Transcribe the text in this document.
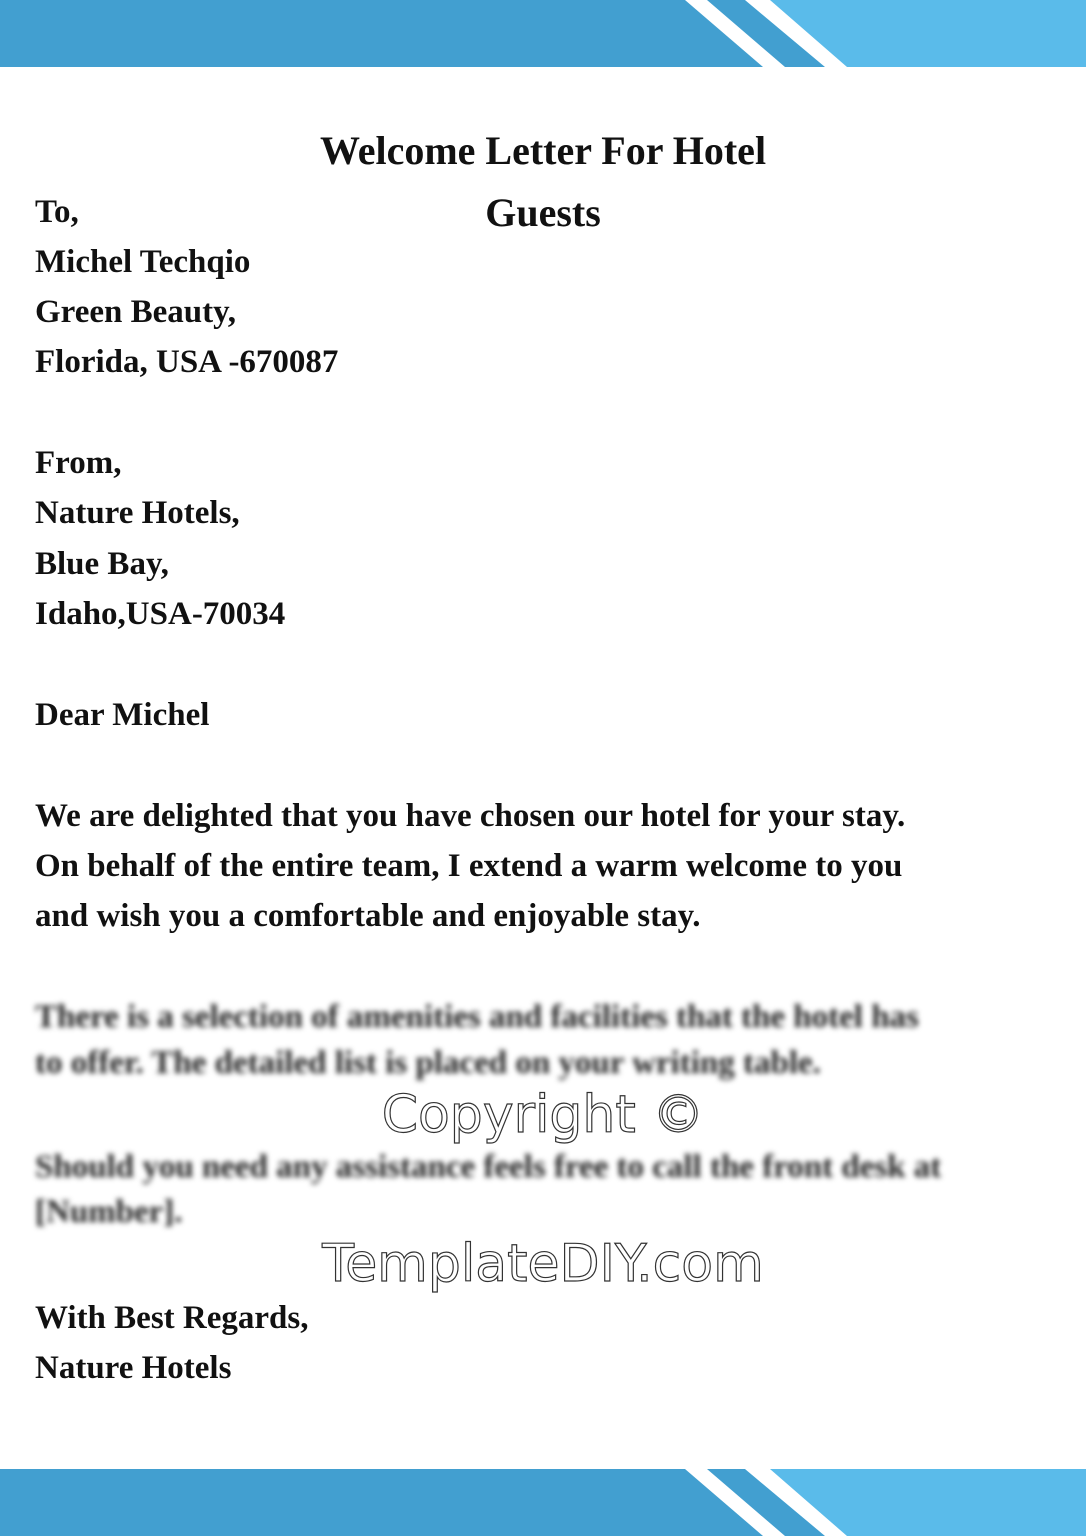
Welcome Letter For Hotel
Guests
To,
Michel Techqio
Green Beauty,
Florida, USA -670087
From,
Nature Hotels,
Blue Bay,
Idaho,USA-70034
Dear Michel
We are delighted that you have chosen our hotel for your stay.
On behalf of the entire team, I extend a warm welcome to you
and wish you a comfortable and enjoyable stay.
There is a selection of amenities and facilities that the hotel has
to offer. The detailed list is placed on your writing table.
Copyright ©
Should you need any assistance feels free to call the front desk at
[Number].
TemplateDIY.com
With Best Regards,
Nature Hotels
